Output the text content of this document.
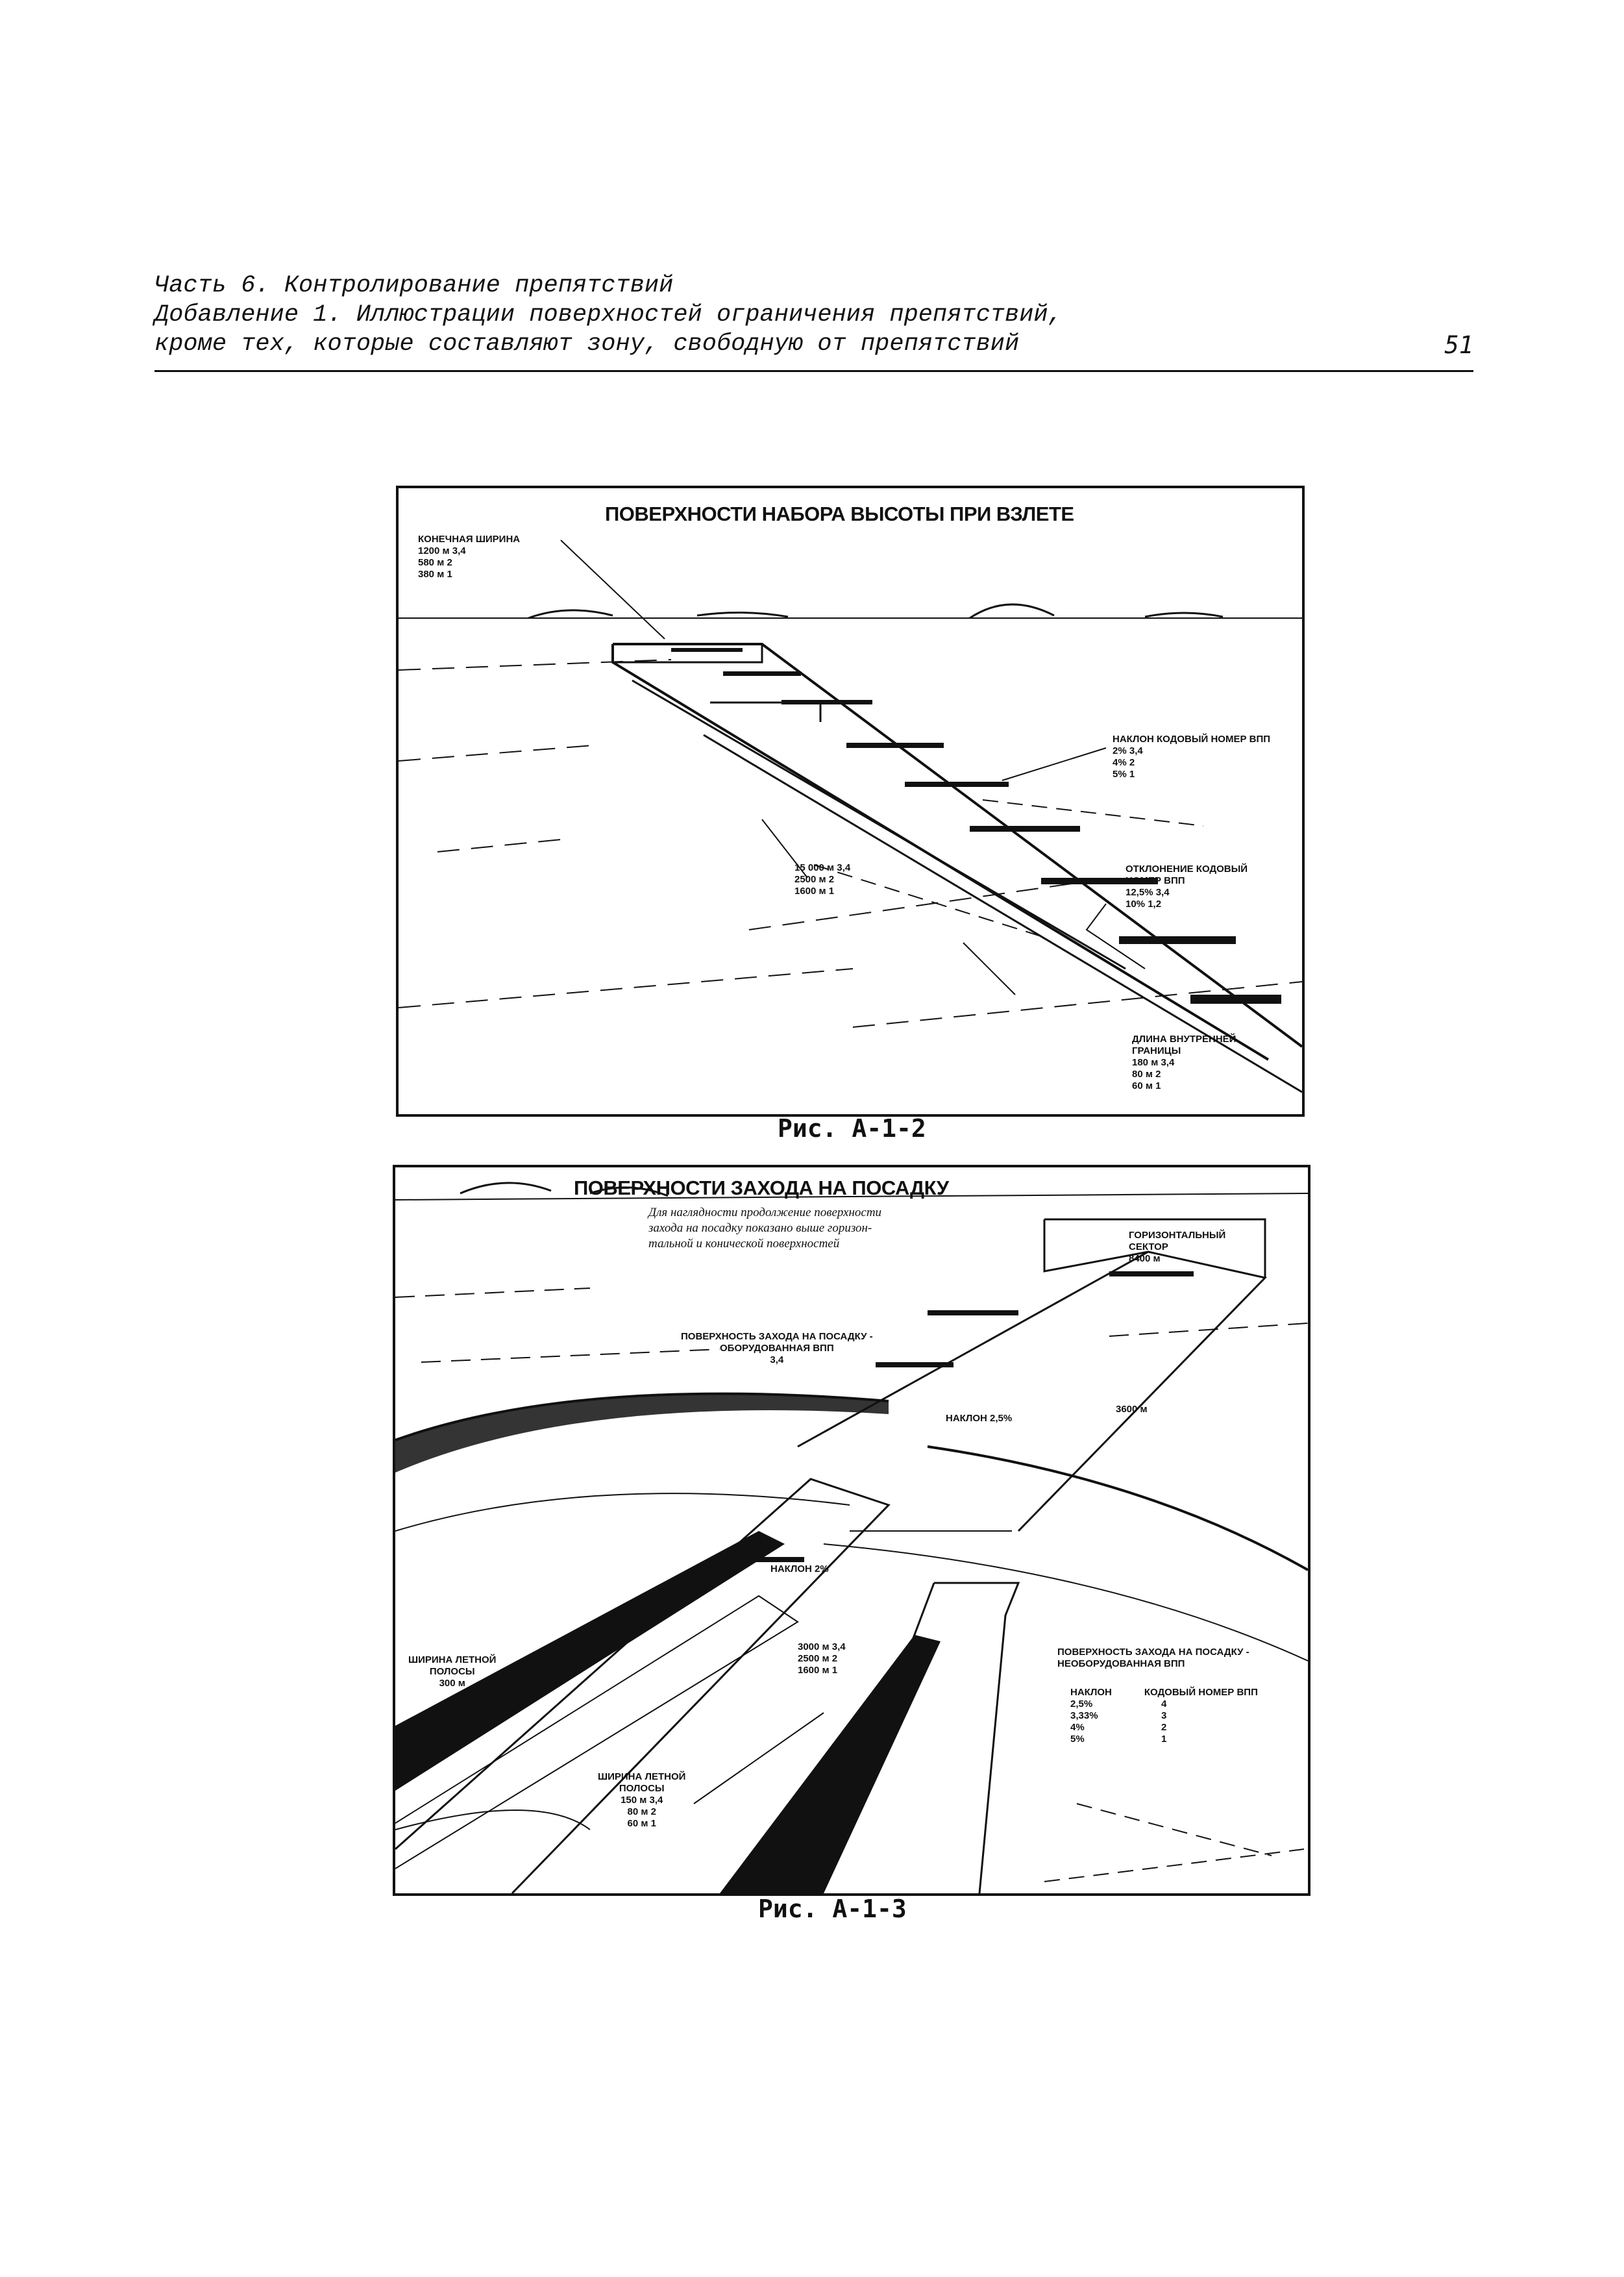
Часть 6. Контролирование препятствий
Добавление 1. Иллюстрации поверхностей ограничения препятствий,
кроме тех, которые составляют зону, свободную от препятствий	51
ПОВЕРХНОСТИ НАБОРА ВЫСОТЫ ПРИ ВЗЛЕТЕ
КОНЕЧНАЯ ШИРИНА
1200 м 3,4
580 м 2
380 м 1
НАКЛОН КОДОВЫЙ НОМЕР ВПП
2% 3,4
4% 2
5% 1
15 000 м 3,4
2500 м 2
1600 м 1
ОТКЛОНЕНИЕ КОДОВЫЙ
НОМЕР ВПП
12,5% 3,4
10% 1,2
ДЛИНА ВНУТРЕННЕЙ
ГРАНИЦЫ
180 м 3,4
80 м 2
60 м 1
Рис. А-1-2
ПОВЕРХНОСТИ ЗАХОДА НА ПОСАДКУ
Для наглядности продолжение поверхности
захода на посадку показано выше горизон-
тальной и конической поверхностей
ГОРИЗОНТАЛЬНЫЙ
СЕКТОР
8400 м
ПОВЕРХНОСТЬ ЗАХОДА НА ПОСАДКУ -
ОБОРУДОВАННАЯ ВПП
3,4
НАКЛОН 2,5%
3600 м
НАКЛОН 2%
ШИРИНА ЛЕТНОЙ
ПОЛОСЫ
300 м
3000 м 3,4
2500 м 2
1600 м 1
ПОВЕРХНОСТЬ ЗАХОДА НА ПОСАДКУ -
НЕОБОРУДОВАННАЯ ВПП
НАКЛОН	КОДОВЫЙ НОМЕР ВПП
2,5%	4
3,33%	3
4%	2
5%	1
ШИРИНА ЛЕТНОЙ
ПОЛОСЫ
150 м 3,4
80 м 2
60 м 1
Рис. А-1-3
